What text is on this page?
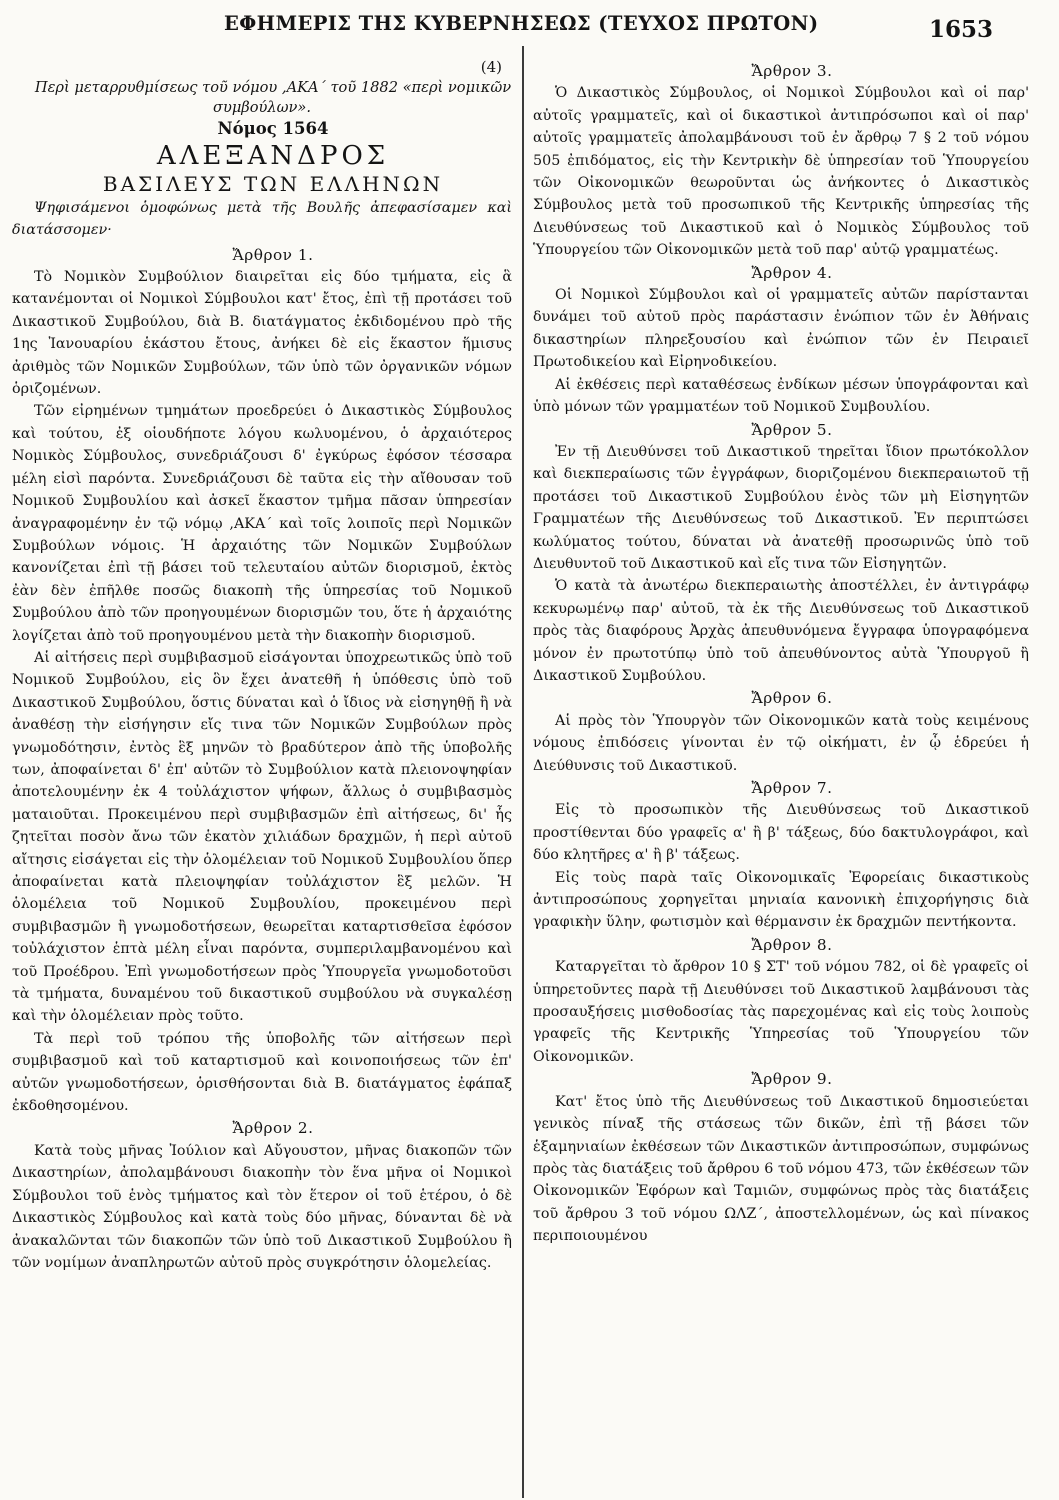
ΕΦΗΜΕΡΙΣ ΤΗΣ ΚΥΒΕΡΝΗΣΕΩΣ (ΤΕΥΧΟΣ ΠΡΩΤΟΝ)	1653

(4)

Περὶ μεταρρυθμίσεως τοῦ νόμου ,ΑΚΑ΄ τοῦ 1882 «περὶ νομικῶν συμβούλων».

Νόμος 1564

ΑΛΕΞΑΝΔΡΟΣ

ΒΑΣΙΛΕΥΣ ΤΩΝ ΕΛΛΗΝΩΝ

Ψηφισάμενοι ὁμοφώνως μετὰ τῆς Βουλῆς ἀπεφασίσαμεν καὶ διατάσσομεν·

Ἄρθρον 1.

Τὸ Νομικὸν Συμβούλιον διαιρεῖται εἰς δύο τμήματα, εἰς ἃ κατανέμονται οἱ Νομικοὶ Σύμβουλοι κατ' ἔτος, ἐπὶ τῇ προτάσει τοῦ Δικαστικοῦ Συμβούλου, διὰ Β. διατάγματος ἐκδιδομένου πρὸ τῆς 1ης Ἰανουαρίου ἑκάστου ἔτους, ἀνήκει δὲ εἰς ἕκαστον ἥμισυς ἀριθμὸς τῶν Νομικῶν Συμβούλων, τῶν ὑπὸ τῶν ὀργανικῶν νόμων ὁριζομένων.

Τῶν εἰρημένων τμημάτων προεδρεύει ὁ Δικαστικὸς Σύμβουλος καὶ τούτου, ἐξ οἱουδήποτε λόγου κωλυομένου, ὁ ἀρχαιότερος Νομικὸς Σύμβουλος, συνεδριάζουσι δ' ἐγκύρως ἐφόσον τέσσαρα μέλη εἰσὶ παρόντα. Συνεδριάζουσι δὲ ταῦτα εἰς τὴν αἴθουσαν τοῦ Νομικοῦ Συμβουλίου καὶ ἀσκεῖ ἕκαστον τμῆμα πᾶσαν ὑπηρεσίαν ἀναγραφομένην ἐν τῷ νόμῳ ,ΑΚΑ΄ καὶ τοῖς λοιποῖς περὶ Νομικῶν Συμβούλων νόμοις. Ἡ ἀρχαιότης τῶν Νομικῶν Συμβούλων κανονίζεται ἐπὶ τῇ βάσει τοῦ τελευταίου αὐτῶν διορισμοῦ, ἐκτὸς ἐὰν δὲν ἐπῆλθε ποσῶς διακοπὴ τῆς ὑπηρεσίας τοῦ Νομικοῦ Συμβούλου ἀπὸ τῶν προηγουμένων διορισμῶν του, ὅτε ἡ ἀρχαιότης λογίζεται ἀπὸ τοῦ προηγουμένου μετὰ τὴν διακοπὴν διορισμοῦ.

Αἱ αἰτήσεις περὶ συμβιβασμοῦ εἰσάγονται ὑποχρεωτικῶς ὑπὸ τοῦ Νομικοῦ Συμβούλου, εἰς ὃν ἔχει ἀνατεθῆ ἡ ὑπόθεσις ὑπὸ τοῦ Δικαστικοῦ Συμβούλου, ὅστις δύναται καὶ ὁ ἴδιος νὰ εἰσηγηθῇ ἢ νὰ ἀναθέσῃ τὴν εἰσήγησιν εἴς τινα τῶν Νομικῶν Συμβούλων πρὸς γνωμοδότησιν, ἐντὸς ἓξ μηνῶν τὸ βραδύτερον ἀπὸ τῆς ὑποβολῆς των, ἀποφαίνεται δ' ἐπ' αὐτῶν τὸ Συμβούλιον κατὰ πλειονοψηφίαν ἀποτελουμένην ἐκ 4 τοὐλάχιστον ψήφων, ἄλλως ὁ συμβιβασμὸς ματαιοῦται. Προκειμένου περὶ συμβιβασμῶν ἐπὶ αἰτήσεως, δι' ἧς ζητεῖται ποσὸν ἄνω τῶν ἑκατὸν χιλιάδων δραχμῶν, ἡ περὶ αὐτοῦ αἴτησις εἰσάγεται εἰς τὴν ὁλομέλειαν τοῦ Νομικοῦ Συμβουλίου ὅπερ ἀποφαίνεται κατὰ πλειοψηφίαν τοὐλάχιστον ἓξ μελῶν. Ἡ ὁλομέλεια τοῦ Νομικοῦ Συμβουλίου, προκειμένου περὶ συμβιβασμῶν ἢ γνωμοδοτήσεων, θεωρεῖται καταρτισθεῖσα ἐφόσον τοὐλάχιστον ἑπτὰ μέλη εἶναι παρόντα, συμπεριλαμβανομένου καὶ τοῦ Προέδρου. Ἐπὶ γνωμοδοτήσεων πρὸς Ὑπουργεῖα γνωμοδοτοῦσι τὰ τμήματα, δυναμένου τοῦ δικαστικοῦ συμβούλου νὰ συγκαλέσῃ καὶ τὴν ὁλομέλειαν πρὸς τοῦτο.

Τὰ περὶ τοῦ τρόπου τῆς ὑποβολῆς τῶν αἰτήσεων περὶ συμβιβασμοῦ καὶ τοῦ καταρτισμοῦ καὶ κοινοποιήσεως τῶν ἐπ' αὐτῶν γνωμοδοτήσεων, ὁρισθήσονται διὰ Β. διατάγματος ἐφάπαξ ἐκδοθησομένου.

Ἄρθρον 2.

Κατὰ τοὺς μῆνας Ἰούλιον καὶ Αὔγουστον, μῆνας διακοπῶν τῶν Δικαστηρίων, ἀπολαμβάνουσι διακοπὴν τὸν ἕνα μῆνα οἱ Νομικοὶ Σύμβουλοι τοῦ ἑνὸς τμήματος καὶ τὸν ἕτερον οἱ τοῦ ἑτέρου, ὁ δὲ Δικαστικὸς Σύμβουλος καὶ κατὰ τοὺς δύο μῆνας, δύνανται δὲ νὰ ἀνακαλῶνται τῶν διακοπῶν τῶν ὑπὸ τοῦ Δικαστικοῦ Συμβούλου ἢ τῶν νομίμων ἀναπληρωτῶν αὐτοῦ πρὸς συγκρότησιν ὁλομελείας.

Ἄρθρον 3.

Ὁ Δικαστικὸς Σύμβουλος, οἱ Νομικοὶ Σύμβουλοι καὶ οἱ παρ' αὐτοῖς γραμματεῖς, καὶ οἱ δικαστικοὶ ἀντιπρόσωποι καὶ οἱ παρ' αὐτοῖς γραμματεῖς ἀπολαμβάνουσι τοῦ ἐν ἄρθρῳ 7 § 2 τοῦ νόμου 505 ἐπιδόματος, εἰς τὴν Κεντρικὴν δὲ ὑπηρεσίαν τοῦ Ὑπουργείου τῶν Οἰκονομικῶν θεωροῦνται ὡς ἀνήκοντες ὁ Δικαστικὸς Σύμβουλος μετὰ τοῦ προσωπικοῦ τῆς Κεντρικῆς ὑπηρεσίας τῆς Διευθύνσεως τοῦ Δικαστικοῦ καὶ ὁ Νομικὸς Σύμβουλος τοῦ Ὑπουργείου τῶν Οἰκονομικῶν μετὰ τοῦ παρ' αὐτῷ γραμματέως.

Ἄρθρον 4.

Οἱ Νομικοὶ Σύμβουλοι καὶ οἱ γραμματεῖς αὐτῶν παρίστανται δυνάμει τοῦ αὐτοῦ πρὸς παράστασιν ἐνώπιον τῶν ἐν Ἀθήναις δικαστηρίων πληρεξουσίου καὶ ἐνώπιον τῶν ἐν Πειραιεῖ Πρωτοδικείου καὶ Εἰρηνοδικείου.

Αἱ ἐκθέσεις περὶ καταθέσεως ἐνδίκων μέσων ὑπογράφονται καὶ ὑπὸ μόνων τῶν γραμματέων τοῦ Νομικοῦ Συμβουλίου.

Ἄρθρον 5.

Ἐν τῇ Διευθύνσει τοῦ Δικαστικοῦ τηρεῖται ἴδιον πρωτόκολλον καὶ διεκπεραίωσις τῶν ἐγγράφων, διοριζομένου διεκπεραιωτοῦ τῇ προτάσει τοῦ Δικαστικοῦ Συμβούλου ἑνὸς τῶν μὴ Εἰσηγητῶν Γραμματέων τῆς Διευθύνσεως τοῦ Δικαστικοῦ. Ἐν περιπτώσει κωλύματος τούτου, δύναται νὰ ἀνατεθῇ προσωρινῶς ὑπὸ τοῦ Διευθυντοῦ τοῦ Δικαστικοῦ καὶ εἴς τινα τῶν Εἰσηγητῶν.

Ὁ κατὰ τὰ ἀνωτέρω διεκπεραιωτὴς ἀποστέλλει, ἐν ἀντιγράφῳ κεκυρωμένῳ παρ' αὐτοῦ, τὰ ἐκ τῆς Διευθύνσεως τοῦ Δικαστικοῦ πρὸς τὰς διαφόρους Ἀρχὰς ἀπευθυνόμενα ἔγγραφα ὑπογραφόμενα μόνον ἐν πρωτοτύπῳ ὑπὸ τοῦ ἀπευθύνοντος αὐτὰ Ὑπουργοῦ ἢ Δικαστικοῦ Συμβούλου.

Ἄρθρον 6.

Αἱ πρὸς τὸν Ὑπουργὸν τῶν Οἰκονομικῶν κατὰ τοὺς κειμένους νόμους ἐπιδόσεις γίνονται ἐν τῷ οἰκήματι, ἐν ᾧ ἑδρεύει ἡ Διεύθυνσις τοῦ Δικαστικοῦ.

Ἄρθρον 7.

Εἰς τὸ προσωπικὸν τῆς Διευθύνσεως τοῦ Δικαστικοῦ προστίθενται δύο γραφεῖς α' ἢ β' τάξεως, δύο δακτυλογράφοι, καὶ δύο κλητῆρες α' ἢ β' τάξεως.

Εἰς τοὺς παρὰ ταῖς Οἰκονομικαῖς Ἐφορείαις δικαστικοὺς ἀντιπροσώπους χορηγεῖται μηνιαία κανονικὴ ἐπιχορήγησις διὰ γραφικὴν ὕλην, φωτισμὸν καὶ θέρμανσιν ἐκ δραχμῶν πεντήκοντα.

Ἄρθρον 8.

Καταργεῖται τὸ ἄρθρον 10 § ΣΤ' τοῦ νόμου 782, οἱ δὲ γραφεῖς οἱ ὑπηρετοῦντες παρὰ τῇ Διευθύνσει τοῦ Δικαστικοῦ λαμβάνουσι τὰς προσαυξήσεις μισθοδοσίας τὰς παρεχομένας καὶ εἰς τοὺς λοιποὺς γραφεῖς τῆς Κεντρικῆς Ὑπηρεσίας τοῦ Ὑπουργείου τῶν Οἰκονομικῶν.

Ἄρθρον 9.

Κατ' ἔτος ὑπὸ τῆς Διευθύνσεως τοῦ Δικαστικοῦ δημοσιεύεται γενικὸς πίναξ τῆς στάσεως τῶν δικῶν, ἐπὶ τῇ βάσει τῶν ἑξαμηνιαίων ἐκθέσεων τῶν Δικαστικῶν ἀντιπροσώπων, συμφώνως πρὸς τὰς διατάξεις τοῦ ἄρθρου 6 τοῦ νόμου 473, τῶν ἐκθέσεων τῶν Οἰκονομικῶν Ἐφόρων καὶ Ταμιῶν, συμφώνως πρὸς τὰς διατάξεις τοῦ ἄρθρου 3 τοῦ νόμου ΩΛΖ΄, ἀποστελλομένων, ὡς καὶ πίνακος περιποιουμένου
